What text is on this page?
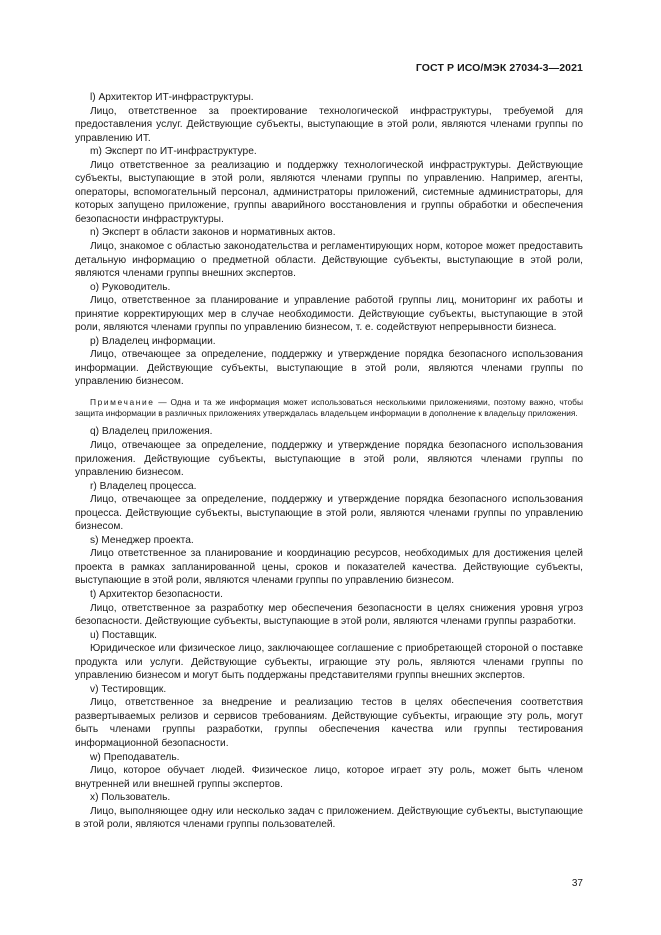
ГОСТ Р ИСО/МЭК 27034-3—2021

l) Архитектор ИТ-инфраструктуры.

Лицо, ответственное за проектирование технологической инфраструктуры, требуемой для предоставления услуг. Действующие субъекты, выступающие в этой роли, являются членами группы по управлению ИТ.

m) Эксперт по ИТ-инфраструктуре.

Лицо ответственное за реализацию и поддержку технологической инфраструктуры. Действующие субъекты, выступающие в этой роли, являются членами группы по управлению. Например, агенты, операторы, вспомогательный персонал, администраторы приложений, системные администраторы, для которых запущено приложение, группы аварийного восстановления и группы обработки и обеспечения безопасности инфраструктуры.

n) Эксперт в области законов и нормативных актов.

Лицо, знакомое с областью законодательства и регламентирующих норм, которое может предоставить детальную информацию о предметной области. Действующие субъекты, выступающие в этой роли, являются членами группы внешних экспертов.

o) Руководитель.

Лицо, ответственное за планирование и управление работой группы лиц, мониторинг их работы и принятие корректирующих мер в случае необходимости. Действующие субъекты, выступающие в этой роли, являются членами группы по управлению бизнесом, т. е. содействуют непрерывности бизнеса.

p) Владелец информации.

Лицо, отвечающее за определение, поддержку и утверждение порядка безопасного использования информации. Действующие субъекты, выступающие в этой роли, являются членами группы по управлению бизнесом.

Примечание — Одна и та же информация может использоваться несколькими приложениями, поэтому важно, чтобы защита информации в различных приложениях утверждалась владельцем информации в дополнение к владельцу приложения.

q) Владелец приложения.

Лицо, отвечающее за определение, поддержку и утверждение порядка безопасного использования приложения. Действующие субъекты, выступающие в этой роли, являются членами группы по управлению бизнесом.

r) Владелец процесса.

Лицо, отвечающее за определение, поддержку и утверждение порядка безопасного использования процесса. Действующие субъекты, выступающие в этой роли, являются членами группы по управлению бизнесом.

s) Менеджер проекта.

Лицо ответственное за планирование и координацию ресурсов, необходимых для достижения целей проекта в рамках запланированной цены, сроков и показателей качества. Действующие субъекты, выступающие в этой роли, являются членами группы по управлению бизнесом.

t) Архитектор безопасности.

Лицо, ответственное за разработку мер обеспечения безопасности в целях снижения уровня угроз безопасности. Действующие субъекты, выступающие в этой роли, являются членами группы разработки.

u) Поставщик.

Юридическое или физическое лицо, заключающее соглашение с приобретающей стороной о поставке продукта или услуги. Действующие субъекты, играющие эту роль, являются членами группы по управлению бизнесом и могут быть поддержаны представителями группы внешних экспертов.

v) Тестировщик.

Лицо, ответственное за внедрение и реализацию тестов в целях обеспечения соответствия развертываемых релизов и сервисов требованиям. Действующие субъекты, играющие эту роль, могут быть членами группы разработки, группы обеспечения качества или группы тестирования информационной безопасности.

w) Преподаватель.

Лицо, которое обучает людей. Физическое лицо, которое играет эту роль, может быть членом внутренней или внешней группы экспертов.

x) Пользователь.

Лицо, выполняющее одну или несколько задач с приложением. Действующие субъекты, выступающие в этой роли, являются членами группы пользователей.

37
